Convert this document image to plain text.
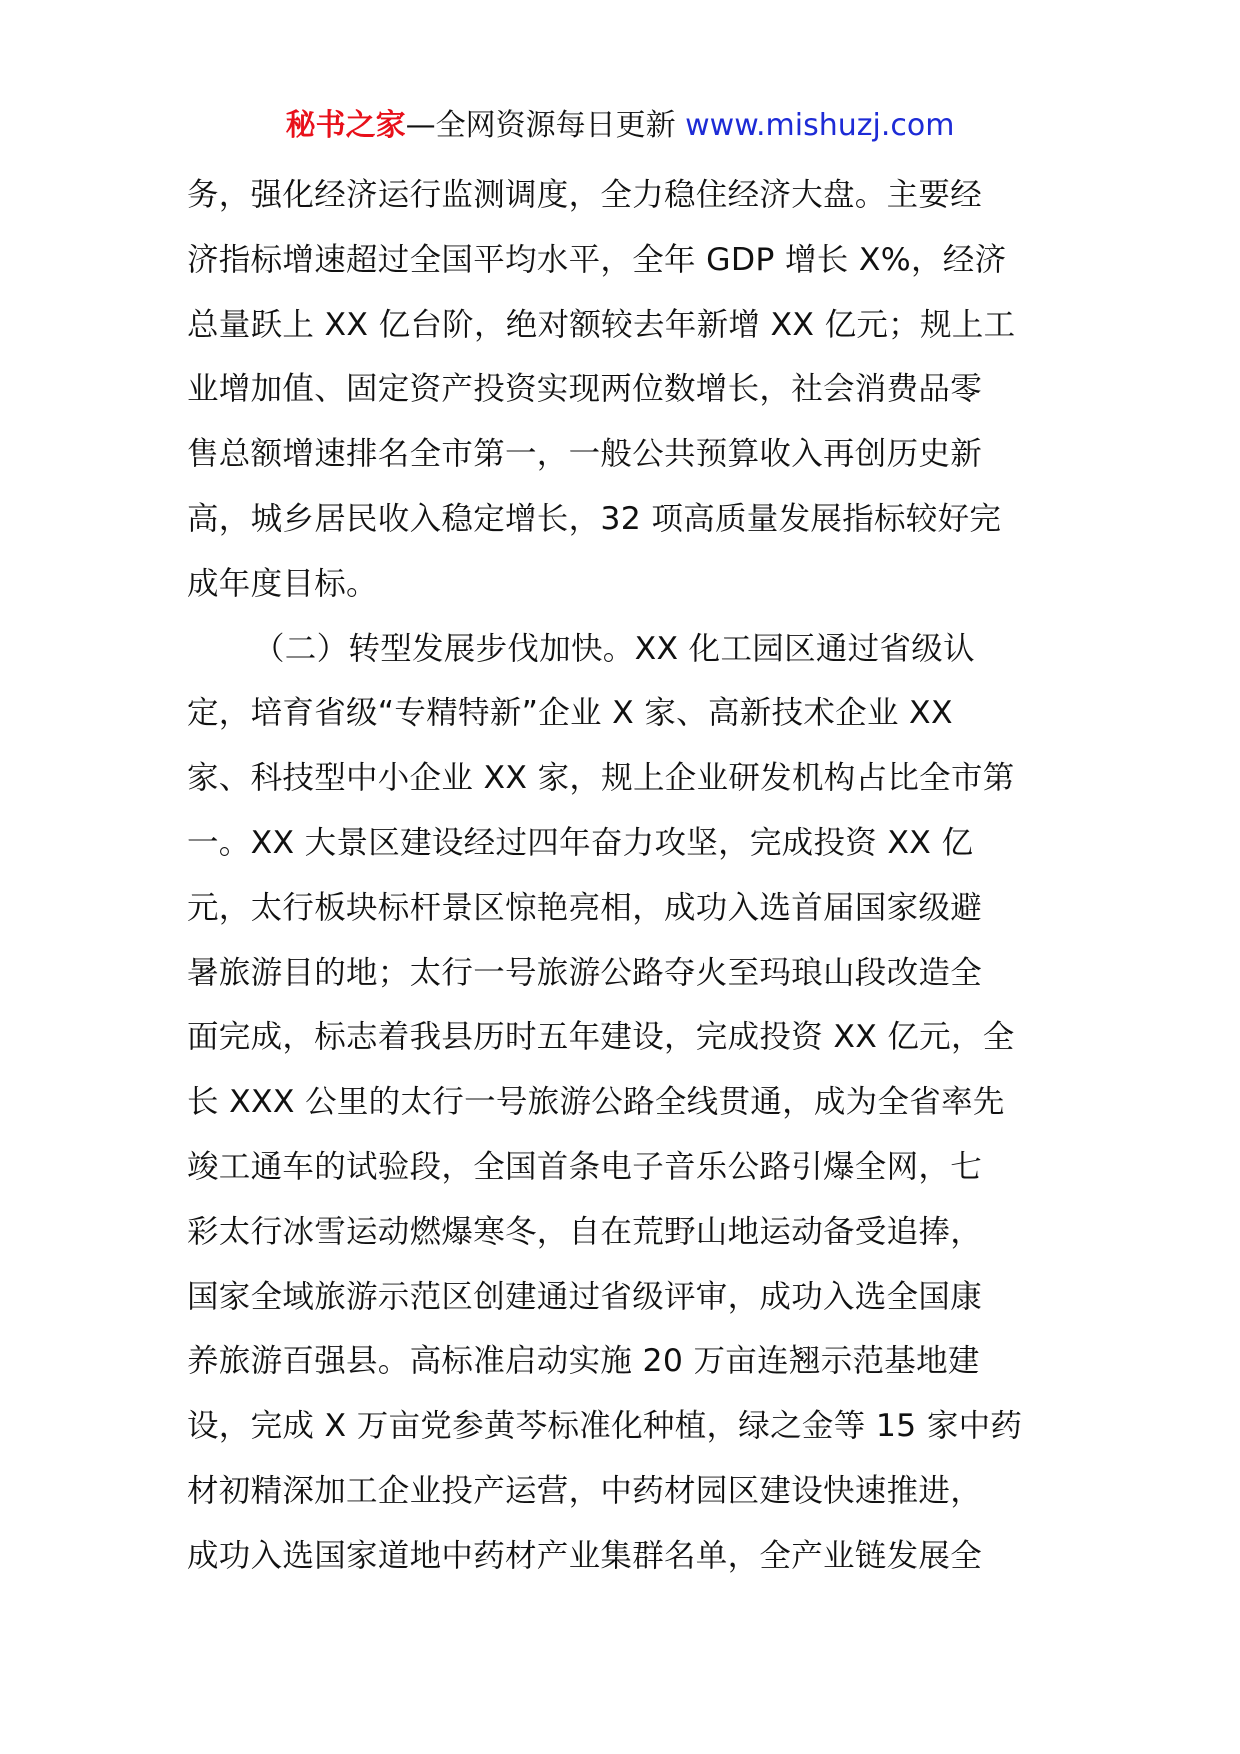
秘书之家—全网资源每日更新 www.mishuzj.com
务，强化经济运行监测调度，全力稳住经济大盘。主要经
济指标增速超过全国平均水平，全年 GDP 增长 X%，经济
总量跃上 XX 亿台阶，绝对额较去年新增 XX 亿元；规上工
业增加值、固定资产投资实现两位数增长，社会消费品零
售总额增速排名全市第一，一般公共预算收入再创历史新
高，城乡居民收入稳定增长，32 项高质量发展指标较好完
成年度目标。
（二）转型发展步伐加快。XX 化工园区通过省级认
定，培育省级“专精特新”企业 X 家、高新技术企业 XX
家、科技型中小企业 XX 家，规上企业研发机构占比全市第
一。XX 大景区建设经过四年奋力攻坚，完成投资 XX 亿
元，太行板块标杆景区惊艳亮相，成功入选首届国家级避
暑旅游目的地；太行一号旅游公路夺火至玛琅山段改造全
面完成，标志着我县历时五年建设，完成投资 XX 亿元，全
长 XXX 公里的太行一号旅游公路全线贯通，成为全省率先
竣工通车的试验段，全国首条电子音乐公路引爆全网，七
彩太行冰雪运动燃爆寒冬，自在荒野山地运动备受追捧，
国家全域旅游示范区创建通过省级评审，成功入选全国康
养旅游百强县。高标准启动实施 20 万亩连翘示范基地建
设，完成 X 万亩党参黄芩标准化种植，绿之金等 15 家中药
材初精深加工企业投产运营，中药材园区建设快速推进，
成功入选国家道地中药材产业集群名单，全产业链发展全
